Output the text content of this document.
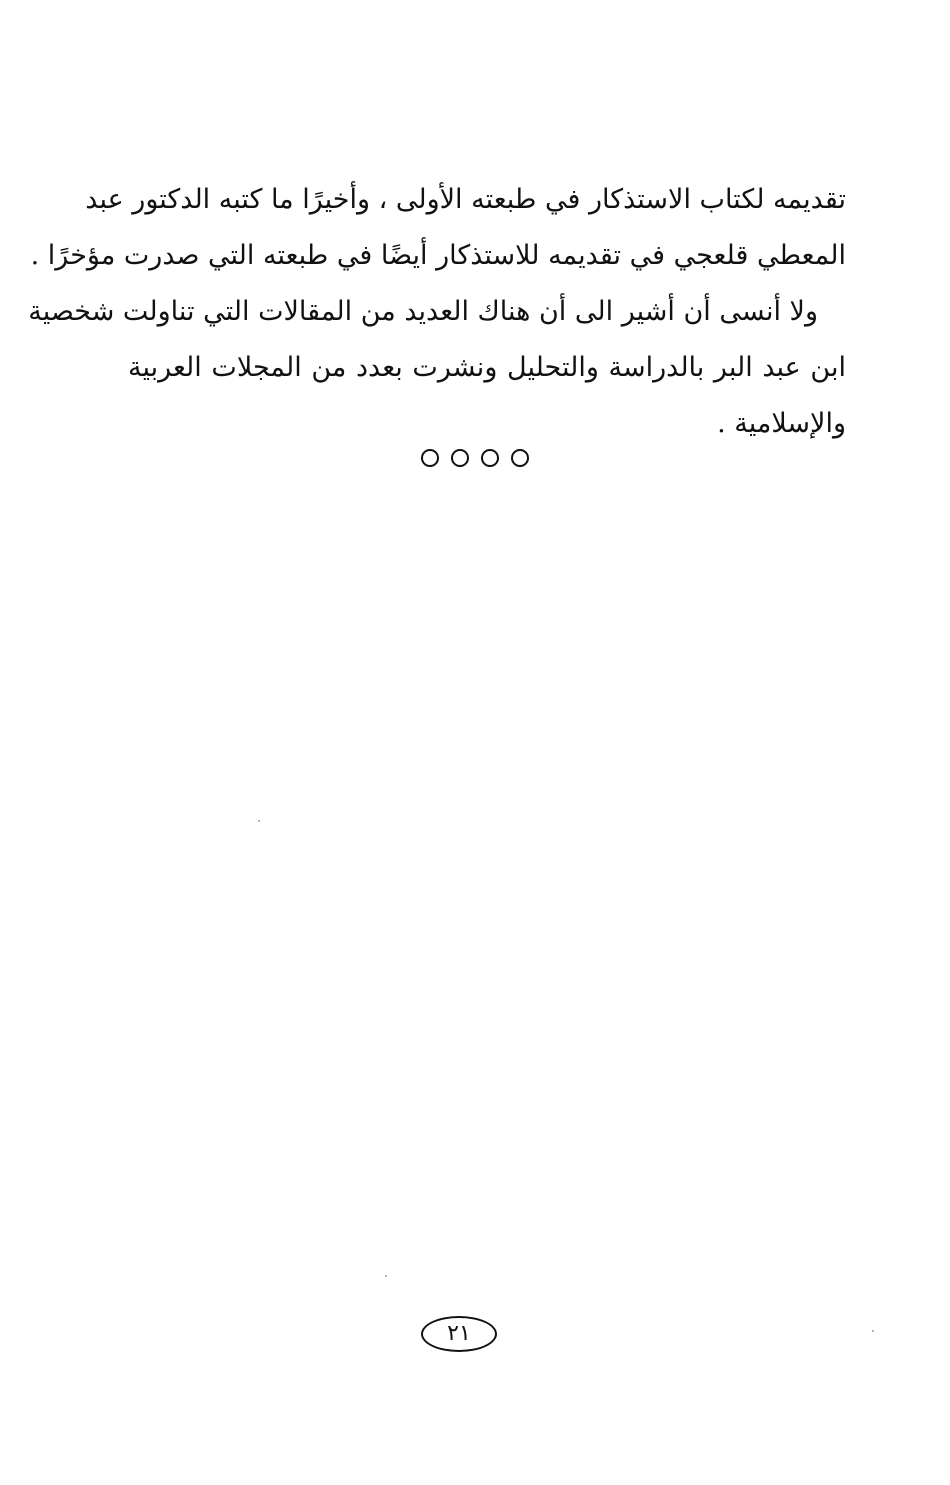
تقديمه لكتاب الاستذكار في طبعته الأولى ، وأخيرًا ما كتبه الدكتور عبد
المعطي قلعجي في تقديمه للاستذكار أيضًا في طبعته التي صدرت مؤخرًا .
ولا أنسى أن أشير الى أن هناك العديد من المقالات التي تناولت شخصية
ابن عبد البر بالدراسة والتحليل ونشرت بعدد من المجلات العربية
والإسلامية .
٢١
